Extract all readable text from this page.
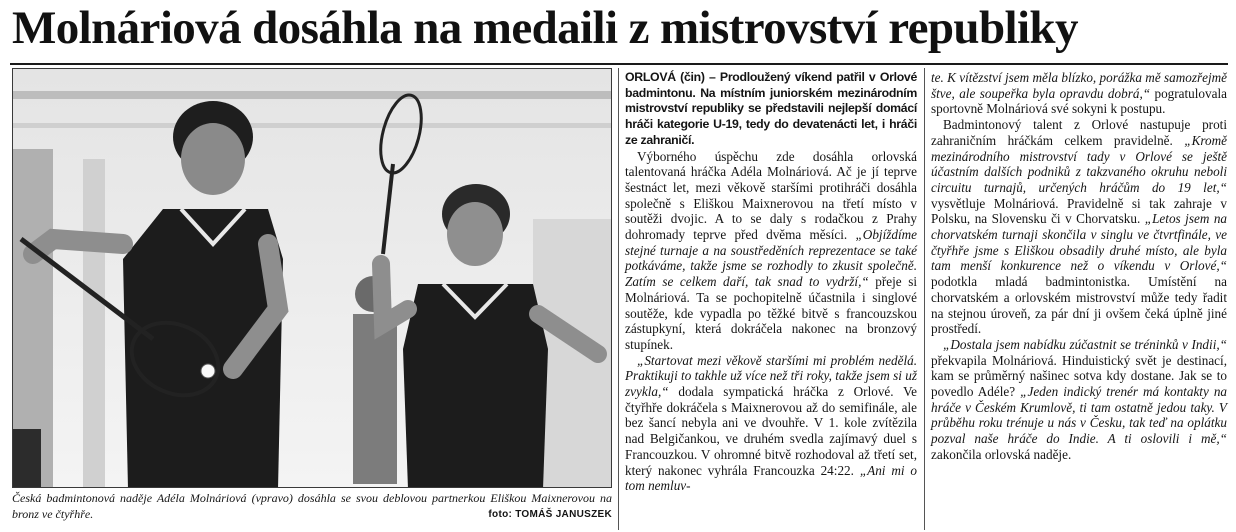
Molnáriová dosáhla na medaili z mistrovství republiky
Česká badmintonová naděje Adéla Molnáriová (vpravo) dosáhla se svou deblovou partnerkou Eliškou Maixnerovou na bronz ve čtyřhře.	foto: TOMÁŠ JANUSZEK

ORLOVÁ (čin) – Prodloužený víkend patřil v Orlové badmintonu. Na místním juniorském mezinárodním mistrovství republiky se představili nejlepší domácí hráči kategorie U-19, tedy do devatenácti let, i hráči ze zahraničí.

Výborného úspěchu zde dosáhla orlovská talentovaná hráčka Adéla Molnáriová. Ač je jí teprve šestnáct let, mezi věkově staršími protihráči dosáhla společně s Eliškou Maixnerovou na třetí místo v soutěži dvojic. A to se daly s rodačkou z Prahy dohromady teprve před dvěma měsíci. „Objíždíme stejné turnaje a na soustředěních reprezentace se také potkáváme, takže jsme se rozhodly to zkusit společně. Zatím se celkem daří, tak snad to vydrží,“ přeje si Molnáriová. Ta se pochopitelně účastnila i singlové soutěže, kde vypadla po těžké bitvě s francouzskou zástupkyní, která dokráčela nakonec na bronzový stupínek.

„Startovat mezi věkově staršími mi problém nedělá. Praktikuji to takhle už více než tři roky, takže jsem si už zvykla,“ dodala sympatická hráčka z Orlové. Ve čtyřhře dokráčela s Maixnerovou až do semifinále, ale bez šancí nebyla ani ve dvouhře. V 1. kole zvítězila nad Belgičankou, ve druhém svedla zajímavý duel s Francouzkou. V ohromné bitvě rozhodoval až třetí set, který nakonec vyhrála Francouzka 24:22. „Ani mi o tom nemluv-

te. K vítězství jsem měla blízko, porážka mě samozřejmě štve, ale soupeřka byla opravdu dobrá,“ pogratulovala sportovně Molnáriová své sokyni k postupu.

Badmintonový talent z Orlové nastupuje proti zahraničním hráčkám celkem pravidelně. „Kromě mezinárodního mistrovství tady v Orlové se ještě účastním dalších podniků z takzvaného okruhu neboli circuitu turnajů, určených hráčům do 19 let,“ vysvětluje Molnáriová. Pravidelně si tak zahraje v Polsku, na Slovensku či v Chorvatsku. „Letos jsem na chorvatském turnaji skončila v singlu ve čtvrtfinále, ve čtyřhře jsme s Eliškou obsadily druhé místo, ale byla tam menší konkurence než o víkendu v Orlové,“ podotkla mladá badmintonistka. Umístění na chorvatském a orlovském mistrovství může tedy řadit na stejnou úroveň, za pár dní ji ovšem čeká úplně jiné prostředí.

„Dostala jsem nabídku zúčastnit se tréninků v Indii,“ překvapila Molnáriová. Hinduistický svět je destinací, kam se průměrný našinec sotva kdy dostane. Jak se to povedlo Adéle? „Jeden indický trenér má kontakty na hráče v Českém Krumlově, ti tam ostatně jedou taky. V průběhu roku trénuje u nás v Česku, tak teď na oplátku pozval naše hráče do Indie. A ti oslovili i mě,“ zakončila orlovská naděje.
